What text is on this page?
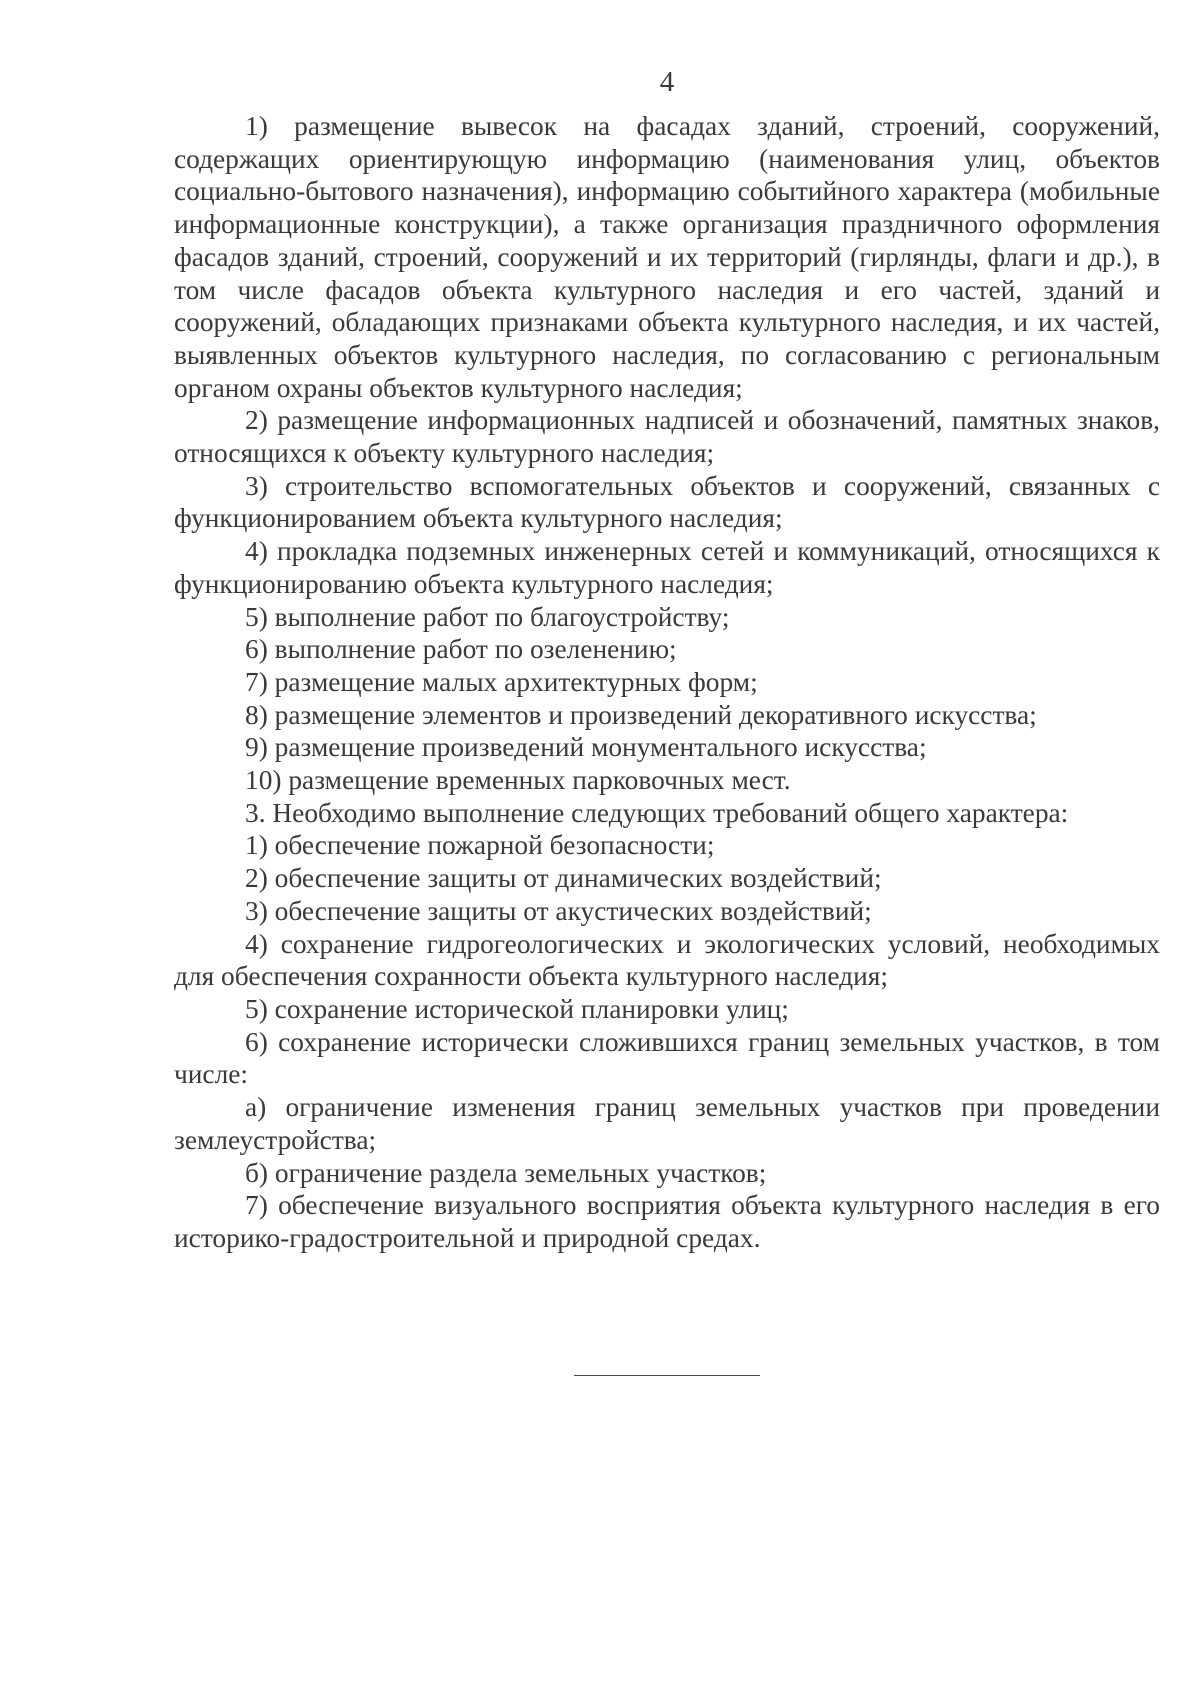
4

1) размещение вывесок на фасадах зданий, строений, сооружений, содержащих ориентирующую информацию (наименования улиц, объектов социально-бытового назначения), информацию событийного характера (мобильные информационные конструкции), а также организация праздничного оформления фасадов зданий, строений, сооружений и их территорий (гирлянды, флаги и др.), в том числе фасадов объекта культурного наследия и его частей, зданий и сооружений, обладающих признаками объекта культурного наследия, и их частей, выявленных объектов культурного наследия, по согласованию с региональным органом охраны объектов культурного наследия;

2) размещение информационных надписей и обозначений, памятных знаков, относящихся к объекту культурного наследия;

3) строительство вспомогательных объектов и сооружений, связанных с функционированием объекта культурного наследия;

4) прокладка подземных инженерных сетей и коммуникаций, относящихся к функционированию объекта культурного наследия;

5) выполнение работ по благоустройству;

6) выполнение работ по озеленению;

7) размещение малых архитектурных форм;

8) размещение элементов и произведений декоративного искусства;

9) размещение произведений монументального искусства;

10) размещение временных парковочных мест.

3. Необходимо выполнение следующих требований общего характера:

1) обеспечение пожарной безопасности;

2) обеспечение защиты от динамических воздействий;

3) обеспечение защиты от акустических воздействий;

4) сохранение гидрогеологических и экологических условий, необходимых для обеспечения сохранности объекта культурного наследия;

5) сохранение исторической планировки улиц;

6) сохранение исторически сложившихся границ земельных участков, в том числе:

а) ограничение изменения границ земельных участков при проведении землеустройства;

б) ограничение раздела земельных участков;

7) обеспечение визуального восприятия объекта культурного наследия в его историко-градостроительной и природной средах.
